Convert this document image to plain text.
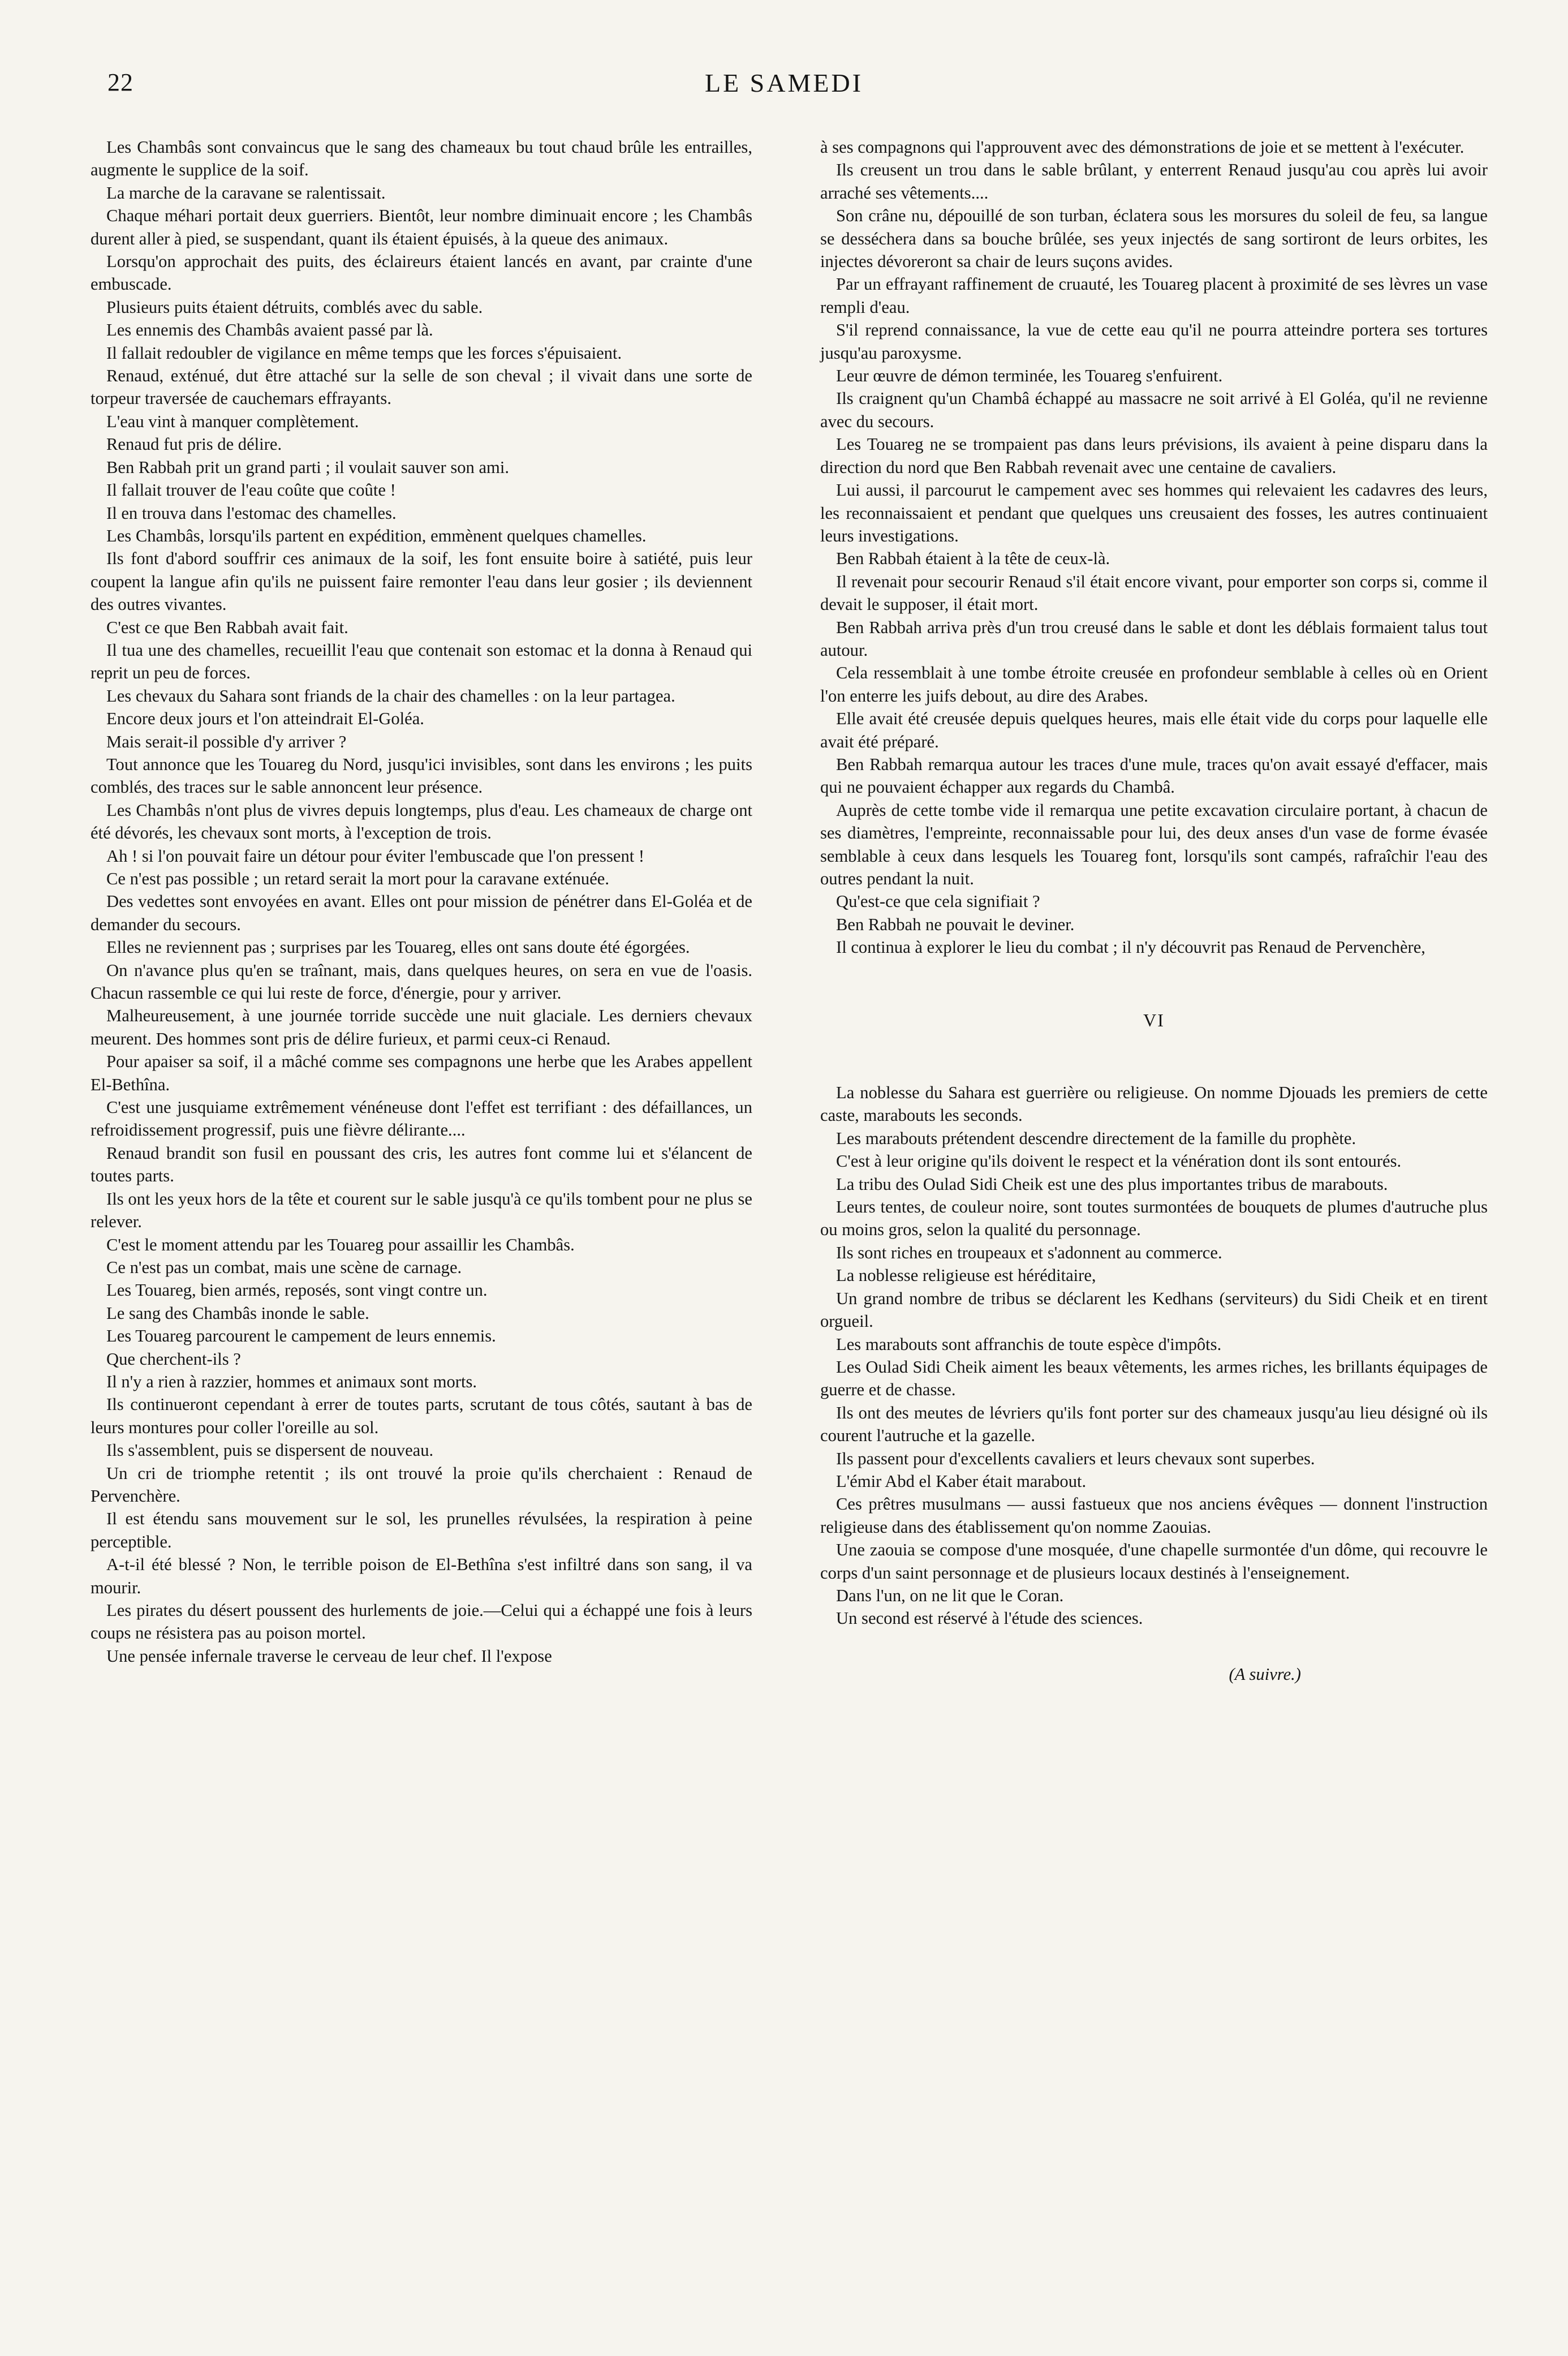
22	LE SAMEDI

Les Chambâs sont convaincus que le sang des chameaux bu tout chaud brûle les entrailles, augmente le supplice de la soif.

La marche de la caravane se ralentissait.

Chaque méhari portait deux guerriers. Bientôt, leur nombre diminuait encore ; les Chambâs durent aller à pied, se suspendant, quant ils étaient épuisés, à la queue des animaux.

Lorsqu'on approchait des puits, des éclaireurs étaient lancés en avant, par crainte d'une embuscade.

Plusieurs puits étaient détruits, comblés avec du sable.

Les ennemis des Chambâs avaient passé par là.

Il fallait redoubler de vigilance en même temps que les forces s'épuisaient.

Renaud, exténué, dut être attaché sur la selle de son cheval ; il vivait dans une sorte de torpeur traversée de cauchemars effrayants.

L'eau vint à manquer complètement.

Renaud fut pris de délire.

Ben Rabbah prit un grand parti ; il voulait sauver son ami.

Il fallait trouver de l'eau coûte que coûte !

Il en trouva dans l'estomac des chamelles.

Les Chambâs, lorsqu'ils partent en expédition, emmènent quelques chamelles.

Ils font d'abord souffrir ces animaux de la soif, les font ensuite boire à satiété, puis leur coupent la langue afin qu'ils ne puissent faire remonter l'eau dans leur gosier ; ils deviennent des outres vivantes.

C'est ce que Ben Rabbah avait fait.

Il tua une des chamelles, recueillit l'eau que contenait son estomac et la donna à Renaud qui reprit un peu de forces.

Les chevaux du Sahara sont friands de la chair des chamelles : on la leur partagea.

Encore deux jours et l'on atteindrait El-Goléa.

Mais serait-il possible d'y arriver ?

Tout annonce que les Touareg du Nord, jusqu'ici invisibles, sont dans les environs ; les puits comblés, des traces sur le sable annoncent leur présence.

Les Chambâs n'ont plus de vivres depuis longtemps, plus d'eau. Les chameaux de charge ont été dévorés, les chevaux sont morts, à l'exception de trois.

Ah ! si l'on pouvait faire un détour pour éviter l'embuscade que l'on pressent !

Ce n'est pas possible ; un retard serait la mort pour la caravane exténuée.

Des vedettes sont envoyées en avant. Elles ont pour mission de pénétrer dans El-Goléa et de demander du secours.

Elles ne reviennent pas ; surprises par les Touareg, elles ont sans doute été égorgées.

On n'avance plus qu'en se traînant, mais, dans quelques heures, on sera en vue de l'oasis. Chacun rassemble ce qui lui reste de force, d'énergie, pour y arriver.

Malheureusement, à une journée torride succède une nuit glaciale. Les derniers chevaux meurent. Des hommes sont pris de délire furieux, et parmi ceux-ci Renaud.

Pour apaiser sa soif, il a mâché comme ses compagnons une herbe que les Arabes appellent El-Bethîna.

C'est une jusquiame extrêmement vénéneuse dont l'effet est terrifiant : des défaillances, un refroidissement progressif, puis une fièvre délirante....

Renaud brandit son fusil en poussant des cris, les autres font comme lui et s'élancent de toutes parts.

Ils ont les yeux hors de la tête et courent sur le sable jusqu'à ce qu'ils tombent pour ne plus se relever.

C'est le moment attendu par les Touareg pour assaillir les Chambâs.

Ce n'est pas un combat, mais une scène de carnage.

Les Touareg, bien armés, reposés, sont vingt contre un.

Le sang des Chambâs inonde le sable.

Les Touareg parcourent le campement de leurs ennemis.

Que cherchent-ils ?

Il n'y a rien à razzier, hommes et animaux sont morts.

Ils continueront cependant à errer de toutes parts, scrutant de tous côtés, sautant à bas de leurs montures pour coller l'oreille au sol.

Ils s'assemblent, puis se dispersent de nouveau.

Un cri de triomphe retentit ; ils ont trouvé la proie qu'ils cherchaient : Renaud de Pervenchère.

Il est étendu sans mouvement sur le sol, les prunelles révulsées, la respiration à peine perceptible.

A-t-il été blessé ? Non, le terrible poison de El-Bethîna s'est infiltré dans son sang, il va mourir.

Les pirates du désert poussent des hurlements de joie.—Celui qui a échappé une fois à leurs coups ne résistera pas au poison mortel.

Une pensée infernale traverse le cerveau de leur chef. Il l'expose

à ses compagnons qui l'approuvent avec des démonstrations de joie et se mettent à l'exécuter.

Ils creusent un trou dans le sable brûlant, y enterrent Renaud jusqu'au cou après lui avoir arraché ses vêtements....

Son crâne nu, dépouillé de son turban, éclatera sous les morsures du soleil de feu, sa langue se desséchera dans sa bouche brûlée, ses yeux injectés de sang sortiront de leurs orbites, les injectes dévoreront sa chair de leurs suçons avides.

Par un effrayant raffinement de cruauté, les Touareg placent à proximité de ses lèvres un vase rempli d'eau.

S'il reprend connaissance, la vue de cette eau qu'il ne pourra atteindre portera ses tortures jusqu'au paroxysme.

Leur œuvre de démon terminée, les Touareg s'enfuirent.

Ils craignent qu'un Chambâ échappé au massacre ne soit arrivé à El Goléa, qu'il ne revienne avec du secours.

Les Touareg ne se trompaient pas dans leurs prévisions, ils avaient à peine disparu dans la direction du nord que Ben Rabbah revenait avec une centaine de cavaliers.

Lui aussi, il parcourut le campement avec ses hommes qui relevaient les cadavres des leurs, les reconnaissaient et pendant que quelques uns creusaient des fosses, les autres continuaient leurs investigations.

Ben Rabbah étaient à la tête de ceux-là.

Il revenait pour secourir Renaud s'il était encore vivant, pour emporter son corps si, comme il devait le supposer, il était mort.

Ben Rabbah arriva près d'un trou creusé dans le sable et dont les déblais formaient talus tout autour.

Cela ressemblait à une tombe étroite creusée en profondeur semblable à celles où en Orient l'on enterre les juifs debout, au dire des Arabes.

Elle avait été creusée depuis quelques heures, mais elle était vide du corps pour laquelle elle avait été préparé.

Ben Rabbah remarqua autour les traces d'une mule, traces qu'on avait essayé d'effacer, mais qui ne pouvaient échapper aux regards du Chambâ.

Auprès de cette tombe vide il remarqua une petite excavation circulaire portant, à chacun de ses diamètres, l'empreinte, reconnaissable pour lui, des deux anses d'un vase de forme évasée semblable à ceux dans lesquels les Touareg font, lorsqu'ils sont campés, rafraîchir l'eau des outres pendant la nuit.

Qu'est-ce que cela signifiait ?

Ben Rabbah ne pouvait le deviner.

Il continua à explorer le lieu du combat ; il n'y découvrit pas Renaud de Pervenchère,

VI

La noblesse du Sahara est guerrière ou religieuse. On nomme Djouads les premiers de cette caste, marabouts les seconds.

Les marabouts prétendent descendre directement de la famille du prophète.

C'est à leur origine qu'ils doivent le respect et la vénération dont ils sont entourés.

La tribu des Oulad Sidi Cheik est une des plus importantes tribus de marabouts.

Leurs tentes, de couleur noire, sont toutes surmontées de bouquets de plumes d'autruche plus ou moins gros, selon la qualité du personnage.

Ils sont riches en troupeaux et s'adonnent au commerce.

La noblesse religieuse est héréditaire,

Un grand nombre de tribus se déclarent les Kedhans (serviteurs) du Sidi Cheik et en tirent orgueil.

Les marabouts sont affranchis de toute espèce d'impôts.

Les Oulad Sidi Cheik aiment les beaux vêtements, les armes riches, les brillants équipages de guerre et de chasse.

Ils ont des meutes de lévriers qu'ils font porter sur des chameaux jusqu'au lieu désigné où ils courent l'autruche et la gazelle.

Ils passent pour d'excellents cavaliers et leurs chevaux sont superbes.

L'émir Abd el Kaber était marabout.

Ces prêtres musulmans — aussi fastueux que nos anciens évêques — donnent l'instruction religieuse dans des établissement qu'on nomme Zaouias.

Une zaouia se compose d'une mosquée, d'une chapelle surmontée d'un dôme, qui recouvre le corps d'un saint personnage et de plusieurs locaux destinés à l'enseignement.

Dans l'un, on ne lit que le Coran.

Un second est réservé à l'étude des sciences.

(A suivre.)
